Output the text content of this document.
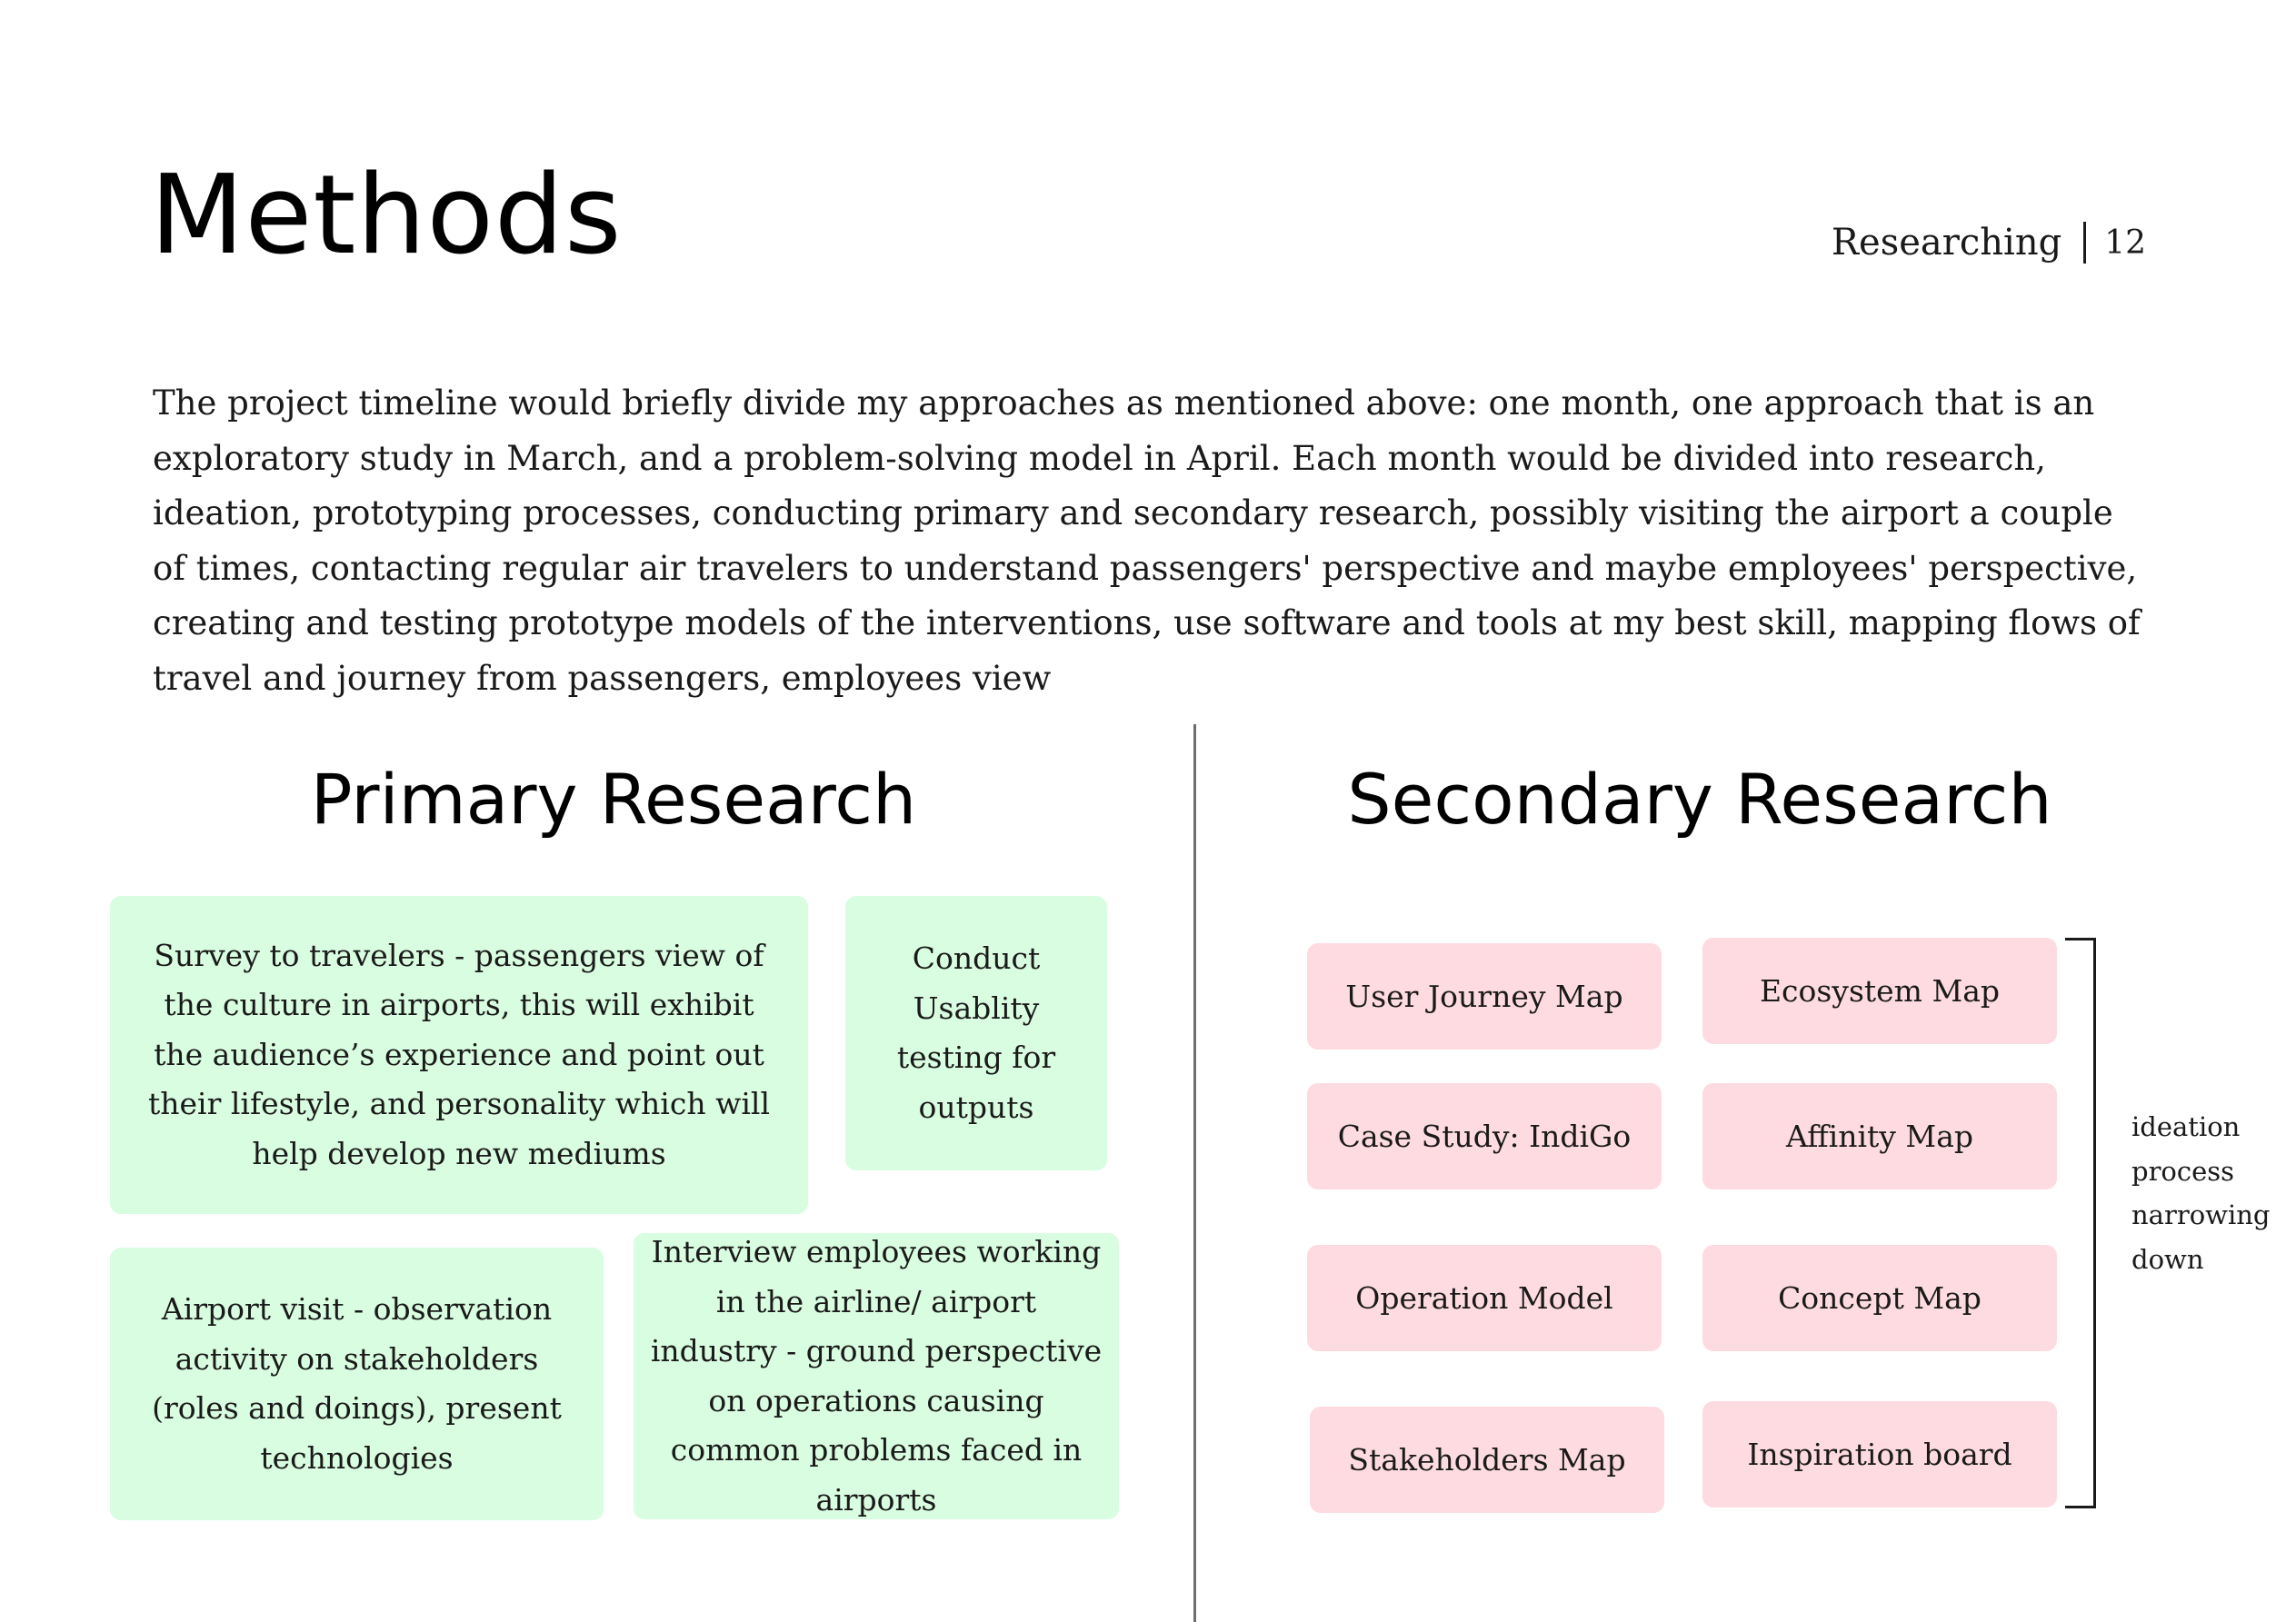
Methods	Researching 12
The project timeline would briefly divide my approaches as mentioned above: one month, one approach that is an exploratory study in March, and a problem-solving model in April. Each month would be divided into research, ideation, prototyping processes, conducting primary and secondary research, possibly visiting the airport a couple of times, contacting regular air travelers to understand passengers' perspective and maybe employees' perspective, creating and testing prototype models of the interventions, use software and tools at my best skill, mapping flows of travel and journey from passengers, employees view
Primary Research	Secondary Research
Survey to travelers - passengers view of the culture in airports, this will exhibit the audience’s experience and point out their lifestyle, and personality which will help develop new mediums
Conduct Usablity testing for outputs
Airport visit - observation activity on stakeholders (roles and doings), present technologies
Interview employees working in the airline/ airport industry - ground perspective on operations causing common problems faced in airports
User Journey Map	Ecosystem Map
Case Study: IndiGo	Affinity Map
Operation Model	Concept Map
Stakeholders Map	Inspiration board
ideation process narrowing down
